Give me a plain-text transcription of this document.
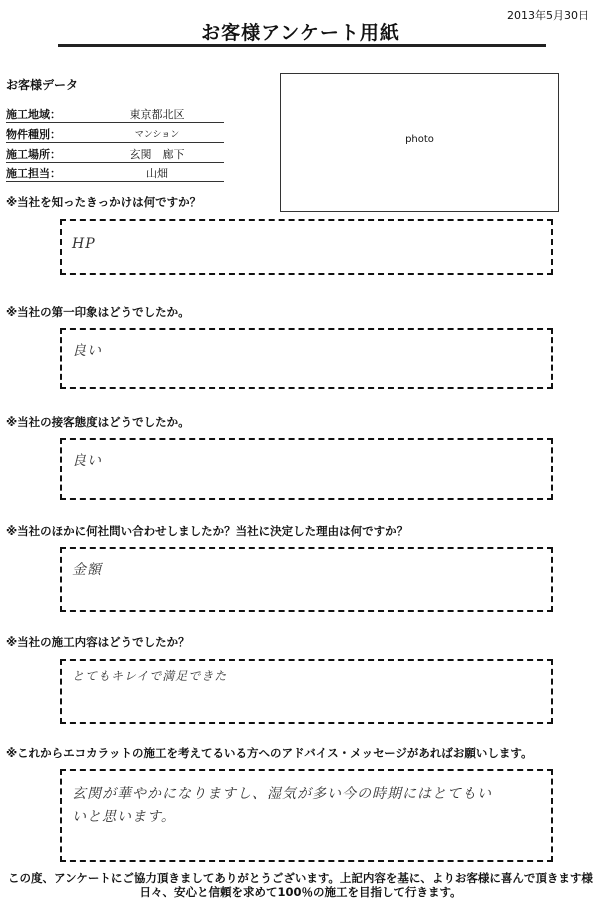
2013年5月30日
お客様アンケート用紙
お客様データ
施工地域：	東京都北区
物件種別：	マンション
施工場所：	玄関　廊下
施工担当：	山畑
photo
※当社を知ったきっかけは何ですか？
HP
※当社の第一印象はどうでしたか。
良い
※当社の接客態度はどうでしたか。
良い
※当社のほかに何社問い合わせしましたか？当社に決定した理由は何ですか？
金額
※当社の施工内容はどうでしたか？
とてもキレイで満足できた
※これからエコカラットの施工を考えてるいる方へのアドバイス・メッセージがあればお願いします。
玄関が華やかになりますし、湿気が多い今の時期にはとてもいいと思います。
この度、アンケートにご協力頂きましてありがとうございます。上記内容を基に、よりお客様に喜んで頂きます様
日々、安心と信頼を求めて100％の施工を目指して行きます。
